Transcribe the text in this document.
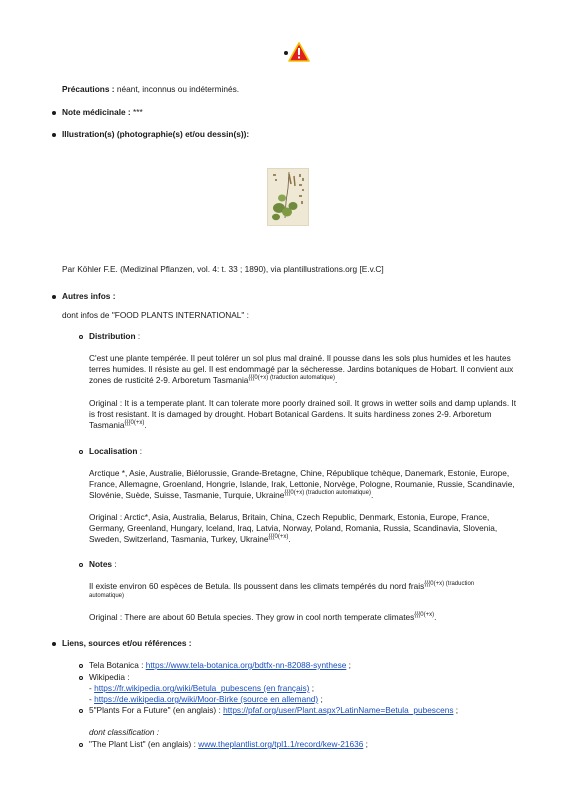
Précautions : néant, inconnus ou indéterminés.
Note médicinale : ***
Illustration(s) (photographie(s) et/ou dessin(s)):
Par Köhler F.E. (Medizinal Pflanzen, vol. 4: t. 33 ; 1890), via plantillustrations.org [E.v.C]
Autres infos :
dont infos de "FOOD PLANTS INTERNATIONAL" :
Distribution :
C'est une plante tempérée. Il peut tolérer un sol plus mal drainé. Il pousse dans les sols plus humides et les hautes
terres humides. Il résiste au gel. Il est endommagé par la sécheresse. Jardins botaniques de Hobart. Il convient aux
zones de rusticité 2-9. Arboretum Tasmania$^{\{\{\{0(+x) (traduction automatique)}$.
Original : It is a temperate plant. It can tolerate more poorly drained soil. It grows in wetter soils and damp uplands. It
is frost resistant. It is damaged by drought. Hobart Botanical Gardens. It suits hardiness zones 2-9. Arboretum
Tasmania$^{\{\{\{0(+x)}$.
Localisation :
Arctique *, Asie, Australie, Biélorussie, Grande-Bretagne, Chine, République tchèque, Danemark, Estonie, Europe,
France, Allemagne, Groenland, Hongrie, Islande, Irak, Lettonie, Norvège, Pologne, Roumanie, Russie, Scandinavie,
Slovénie, Suède, Suisse, Tasmanie, Turquie, Ukraine$^{\{\{\{0(+x) (traduction automatique)}$.
Original : Arctic*, Asia, Australia, Belarus, Britain, China, Czech Republic, Denmark, Estonia, Europe, France,
Germany, Greenland, Hungary, Iceland, Iraq, Latvia, Norway, Poland, Romania, Russia, Scandinavia, Slovenia,
Sweden, Switzerland, Tasmania, Turkey, Ukraine$^{\{\{\{0(+x)}$.
Notes :
Il existe environ 60 espèces de Betula. Ils poussent dans les climats tempérés du nord frais$^{\{\{\{0(+x) (traduction}$
automatique)
Original : There are about 60 Betula species. They grow in cool north temperate climates$^{\{\{\{0(+x)}$.
Liens, sources et/ou références :
Tela Botanica : https://www.tela-botanica.org/bdtfx-nn-82088-synthese ;
Wikipedia :
- https://fr.wikipedia.org/wiki/Betula_pubescens (en français) ;
- https://de.wikipedia.org/wiki/Moor-Birke (source en allemand) ;
5"Plants For a Future" (en anglais) : https://pfaf.org/user/Plant.aspx?LatinName=Betula_pubescens ;
dont classification :
"The Plant List" (en anglais) : www.theplantlist.org/tpl1.1/record/kew-21636 ;
